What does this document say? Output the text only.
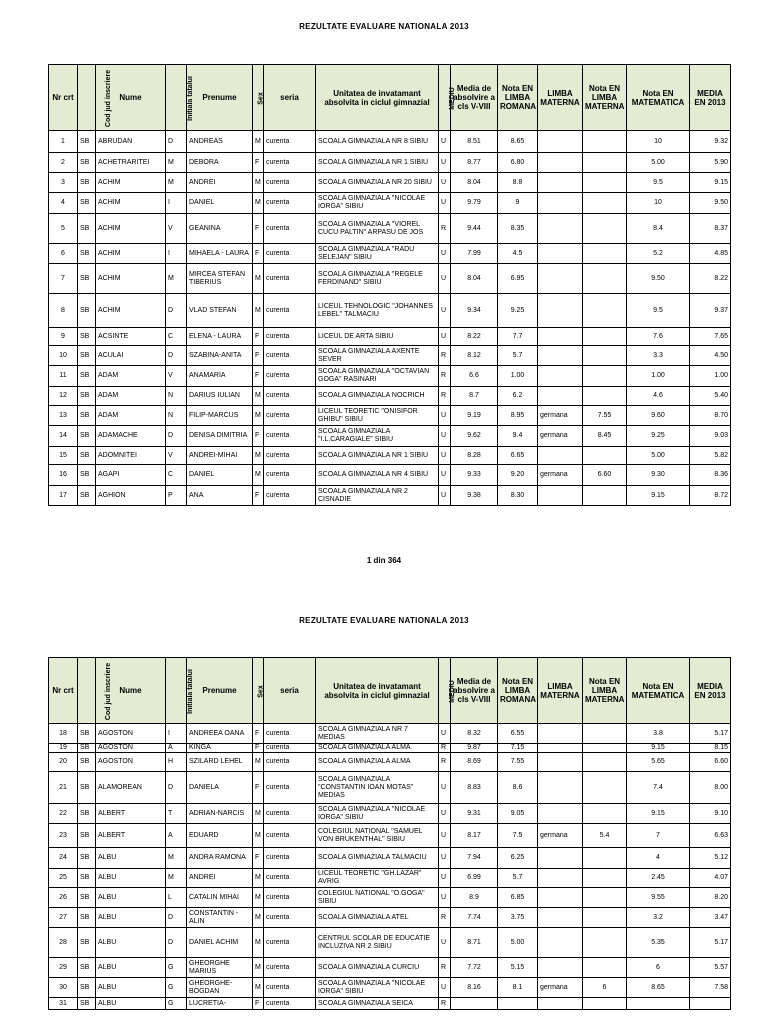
REZULTATE EVALUARE NATIONALA 2013
Nr crt	Cod jud inscriere	Nume	Initiala tatalui	Prenume	Sex	seria	Unitatea de invatamant absolvita in ciclul gimnazial	MEDIU	Media de absolvire a cls V-VIII	Nota EN LIMBA ROMANA	LIMBA MATERNA	Nota EN LIMBA MATERNA	Nota EN MATEMATICA	MEDIA EN 2013
1	SB	ABRUDAN	D	ANDREAS	M	curenta	SCOALA GIMNAZIALA NR 8 SIBIU	U	8.51	8.65			10	9.32
2	SB	ACHETRARITEI	M	DEBORA	F	curenta	SCOALA GIMNAZIALA NR 1 SIBIU	U	8.77	6.80			5.00	5.90
3	SB	ACHIM	M	ANDREI	M	curenta	SCOALA GIMNAZIALA NR 20 SIBIU	U	8.04	8.8			9.5	9.15
4	SB	ACHIM	I	DANIEL	M	curenta	SCOALA GIMNAZIALA "NICOLAE IORGA" SIBIU	U	9.79	9			10	9.50
5	SB	ACHIM	V	GEANINA	F	curenta	SCOALA GIMNAZIALA "VIOREL CUCU PALTIN" ARPASU DE JOS	R	9.44	8.35			8.4	8.37
6	SB	ACHIM	I	MIHAELA - LAURA	F	curenta	SCOALA GIMNAZIALA "RADU SELEJAN" SIBIU	U	7.99	4.5			5.2	4.85
7	SB	ACHIM	M	MIRCEA STEFAN TIBERIUS	M	curenta	SCOALA GIMNAZIALA "REGELE FERDINAND" SIBIU	U	8.04	6.95			9.50	8.22
8	SB	ACHIM	D	VLAD STEFAN	M	curenta	LICEUL TEHNOLOGIC "JOHANNES LEBEL" TALMACIU	U	9.34	9.25			9.5	9.37
9	SB	ACSINTE	C	ELENA - LAURA	F	curenta	LICEUL DE ARTA SIBIU	U	8.22	7.7			7.6	7.65
10	SB	ACULAI	D	SZABINA-ANITA	F	curenta	SCOALA GIMNAZIALA AXENTE SEVER	R	8.12	5.7			3.3	4.50
11	SB	ADAM	V	ANAMARIA	F	curenta	SCOALA GIMNAZIALA "OCTAVIAN GOGA" RASINARI	R	6.6	1.00			1.00	1.00
12	SB	ADAM	N	DARIUS IULIAN	M	curenta	SCOALA GIMNAZIALA NOCRICH	R	8.7	6.2			4.6	5.40
13	SB	ADAM	N	FILIP-MARCUS	M	curenta	LICEUL TEORETIC "ONISIFOR GHIBU" SIBIU	U	9.19	8.95	germana	7.55	9.60	8.70
14	SB	ADAMACHE	D	DENISA DIMITRIA	F	curenta	SCOALA GIMNAZIALA "I.L.CARAGIALE" SIBIU	U	9.62	9.4	germana	8.45	9.25	9.03
15	SB	ADOMNITEI	V	ANDREI-MIHAI	M	curenta	SCOALA GIMNAZIALA NR 1 SIBIU	U	8.28	6.65			5.00	5.82
16	SB	AGAPI	C	DANIEL	M	curenta	SCOALA GIMNAZIALA NR 4 SIBIU	U	9.33	9.20	germana	6.60	9.30	8.36
17	SB	AGHION	P	ANA	F	curenta	SCOALA GIMNAZIALA NR 2 CISNADIE	U	9.38	8.30			9.15	8.72
1 din 364
REZULTATE EVALUARE NATIONALA 2013
Nr crt	Cod jud inscriere	Nume	Initiala tatalui	Prenume	Sex	seria	Unitatea de invatamant absolvita in ciclul gimnazial	MEDIU	Media de absolvire a cls V-VIII	Nota EN LIMBA ROMANA	LIMBA MATERNA	Nota EN LIMBA MATERNA	Nota EN MATEMATICA	MEDIA EN 2013
18	SB	AGOSTON	I	ANDREEA OANA	F	curenta	SCOALA GIMNAZIALA NR 7 MEDIAS	U	8.32	6.55			3.8	5.17
19	SB	AGOSTON	A	KINGA	F	curenta	SCOALA GIMNAZIALA ALMA	R	9.87	7.15			9.15	8.15
20	SB	AGOSTON	H	SZILARD LEHEL	M	curenta	SCOALA GIMNAZIALA ALMA	R	8.69	7.55			5.65	6.60
21	SB	ALAMOREAN	D	DANIELA	F	curenta	SCOALA GIMNAZIALA "CONSTANTIN IOAN MOTAS" MEDIAS	U	8.83	8.6			7.4	8.00
22	SB	ALBERT	T	ADRIAN-NARCIS	M	curenta	SCOALA GIMNAZIALA "NICOLAE IORGA" SIBIU	U	9.31	9.05			9.15	9.10
23	SB	ALBERT	A	EDUARD	M	curenta	COLEGIUL NATIONAL "SAMUEL VON BRUKENTHAL" SIBIU	U	8.17	7.5	germana	5.4	7	6.63
24	SB	ALBU	M	ANDRA RAMONA	F	curenta	SCOALA GIMNAZIALA TALMACIU	U	7.94	6.25			4	5.12
25	SB	ALBU	M	ANDREI	M	curenta	LICEUL TEORETIC "GH.LAZAR" AVRIG	U	6.99	5.7			2.45	4.07
26	SB	ALBU	L	CATALIN MIHAI	M	curenta	COLEGIUL NATIONAL "O.GOGA" SIBIU	U	8.9	6.85			9.55	8.20
27	SB	ALBU	D	CONSTANTIN - ALIN	M	curenta	SCOALA GIMNAZIALA ATEL	R	7.74	3.75			3.2	3.47
28	SB	ALBU	D	DANIEL ACHIM	M	curenta	CENTRUL SCOLAR DE EDUCATIE INCLUZIVA NR 2 SIBIU	U	8.71	5.00			5.35	5.17
29	SB	ALBU	G	GHEORGHE MARIUS	M	curenta	SCOALA GIMNAZIALA CURCIU	R	7.72	5.15			6	5.57
30	SB	ALBU	G	GHEORGHE-BOGDAN	M	curenta	SCOALA GIMNAZIALA "NICOLAE IORGA" SIBIU	U	8.16	8.1	germana	6	8.65	7.58
31	SB	ALBU	G	LUCRETIA-	F	curenta	SCOALA GIMNAZIALA SEICA	R						
